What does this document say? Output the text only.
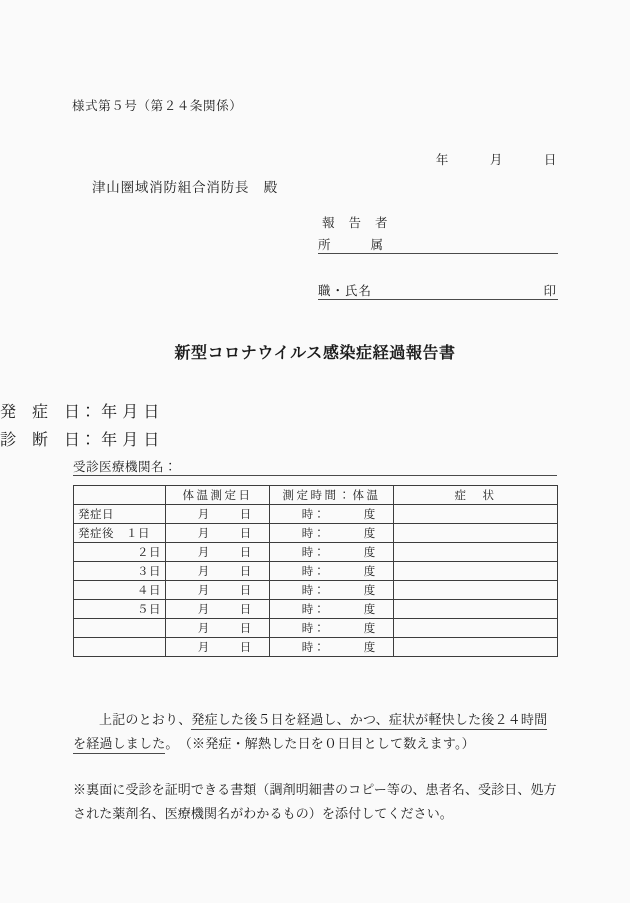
様式第５号（第２４条関係）

年	月	日

津山圏域消防組合消防長　殿
報 告 者
所　　属
職・氏名	印
新型コロナウイルス感染症経過報告書
発　症　日： 年 月 日
診　断　日： 年 月 日
受診医療機関名：
	体温測定日	測定時間：体温	症　状
発症日	月 日	時： 度	
発症後　１日	月 日	時： 度	
２日	月 日	時： 度	
３日	月 日	時： 度	
４日	月 日	時： 度	
５日	月 日	時： 度	
	月 日	時： 度	
	月 日	時： 度	
上記のとおり、発症した後５日を経過し、かつ、症状が軽快した後２４時間を経過しました。　（※発症・解熱した日を０日目として数えます。）
※裏面に受診を証明できる書類（調剤明細書のコピー等の、患者名、受診日、処方された薬剤名、医療機関名がわかるもの）を添付してください。
